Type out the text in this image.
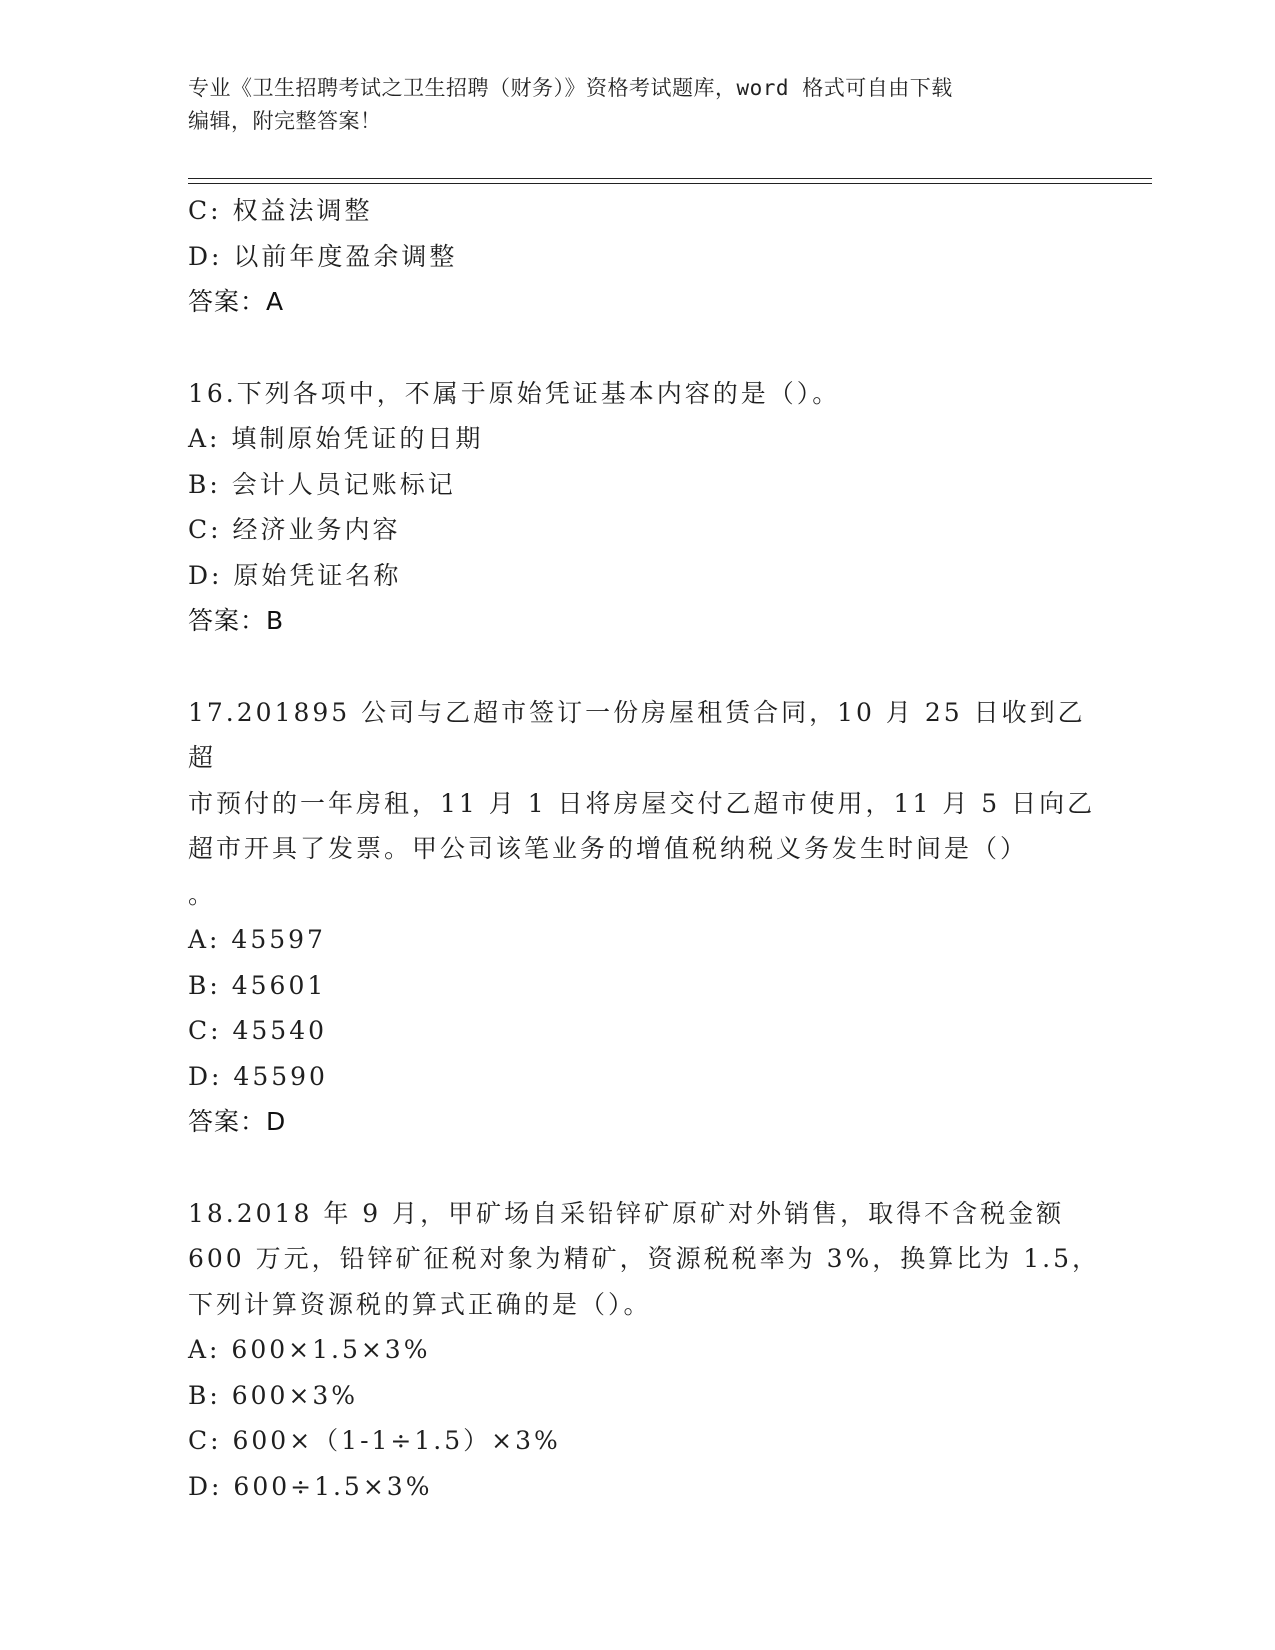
专业《卫生招聘考试之卫生招聘（财务）》资格考试题库，word 格式可自由下载
编辑，附完整答案！
C: 权益法调整
D: 以前年度盈余调整
答案：A
16.下列各项中，不属于原始凭证基本内容的是（）。
A: 填制原始凭证的日期
B: 会计人员记账标记
C: 经济业务内容
D: 原始凭证名称
答案：B
17.201895 公司与乙超市签订一份房屋租赁合同，10 月 25 日收到乙超
市预付的一年房租，11 月 1 日将房屋交付乙超市使用，11 月 5 日向乙
超市开具了发票。甲公司该笔业务的增值税纳税义务发生时间是（）
。
A: 45597
B: 45601
C: 45540
D: 45590
答案：D
18.2018 年 9 月，甲矿场自采铅锌矿原矿对外销售，取得不含税金额
600 万元，铅锌矿征税对象为精矿，资源税税率为 3%，换算比为 1.5，
下列计算资源税的算式正确的是（）。
A: 600×1.5×3%
B: 600×3%
C: 600×（1-1÷1.5）×3%
D: 600÷1.5×3%
